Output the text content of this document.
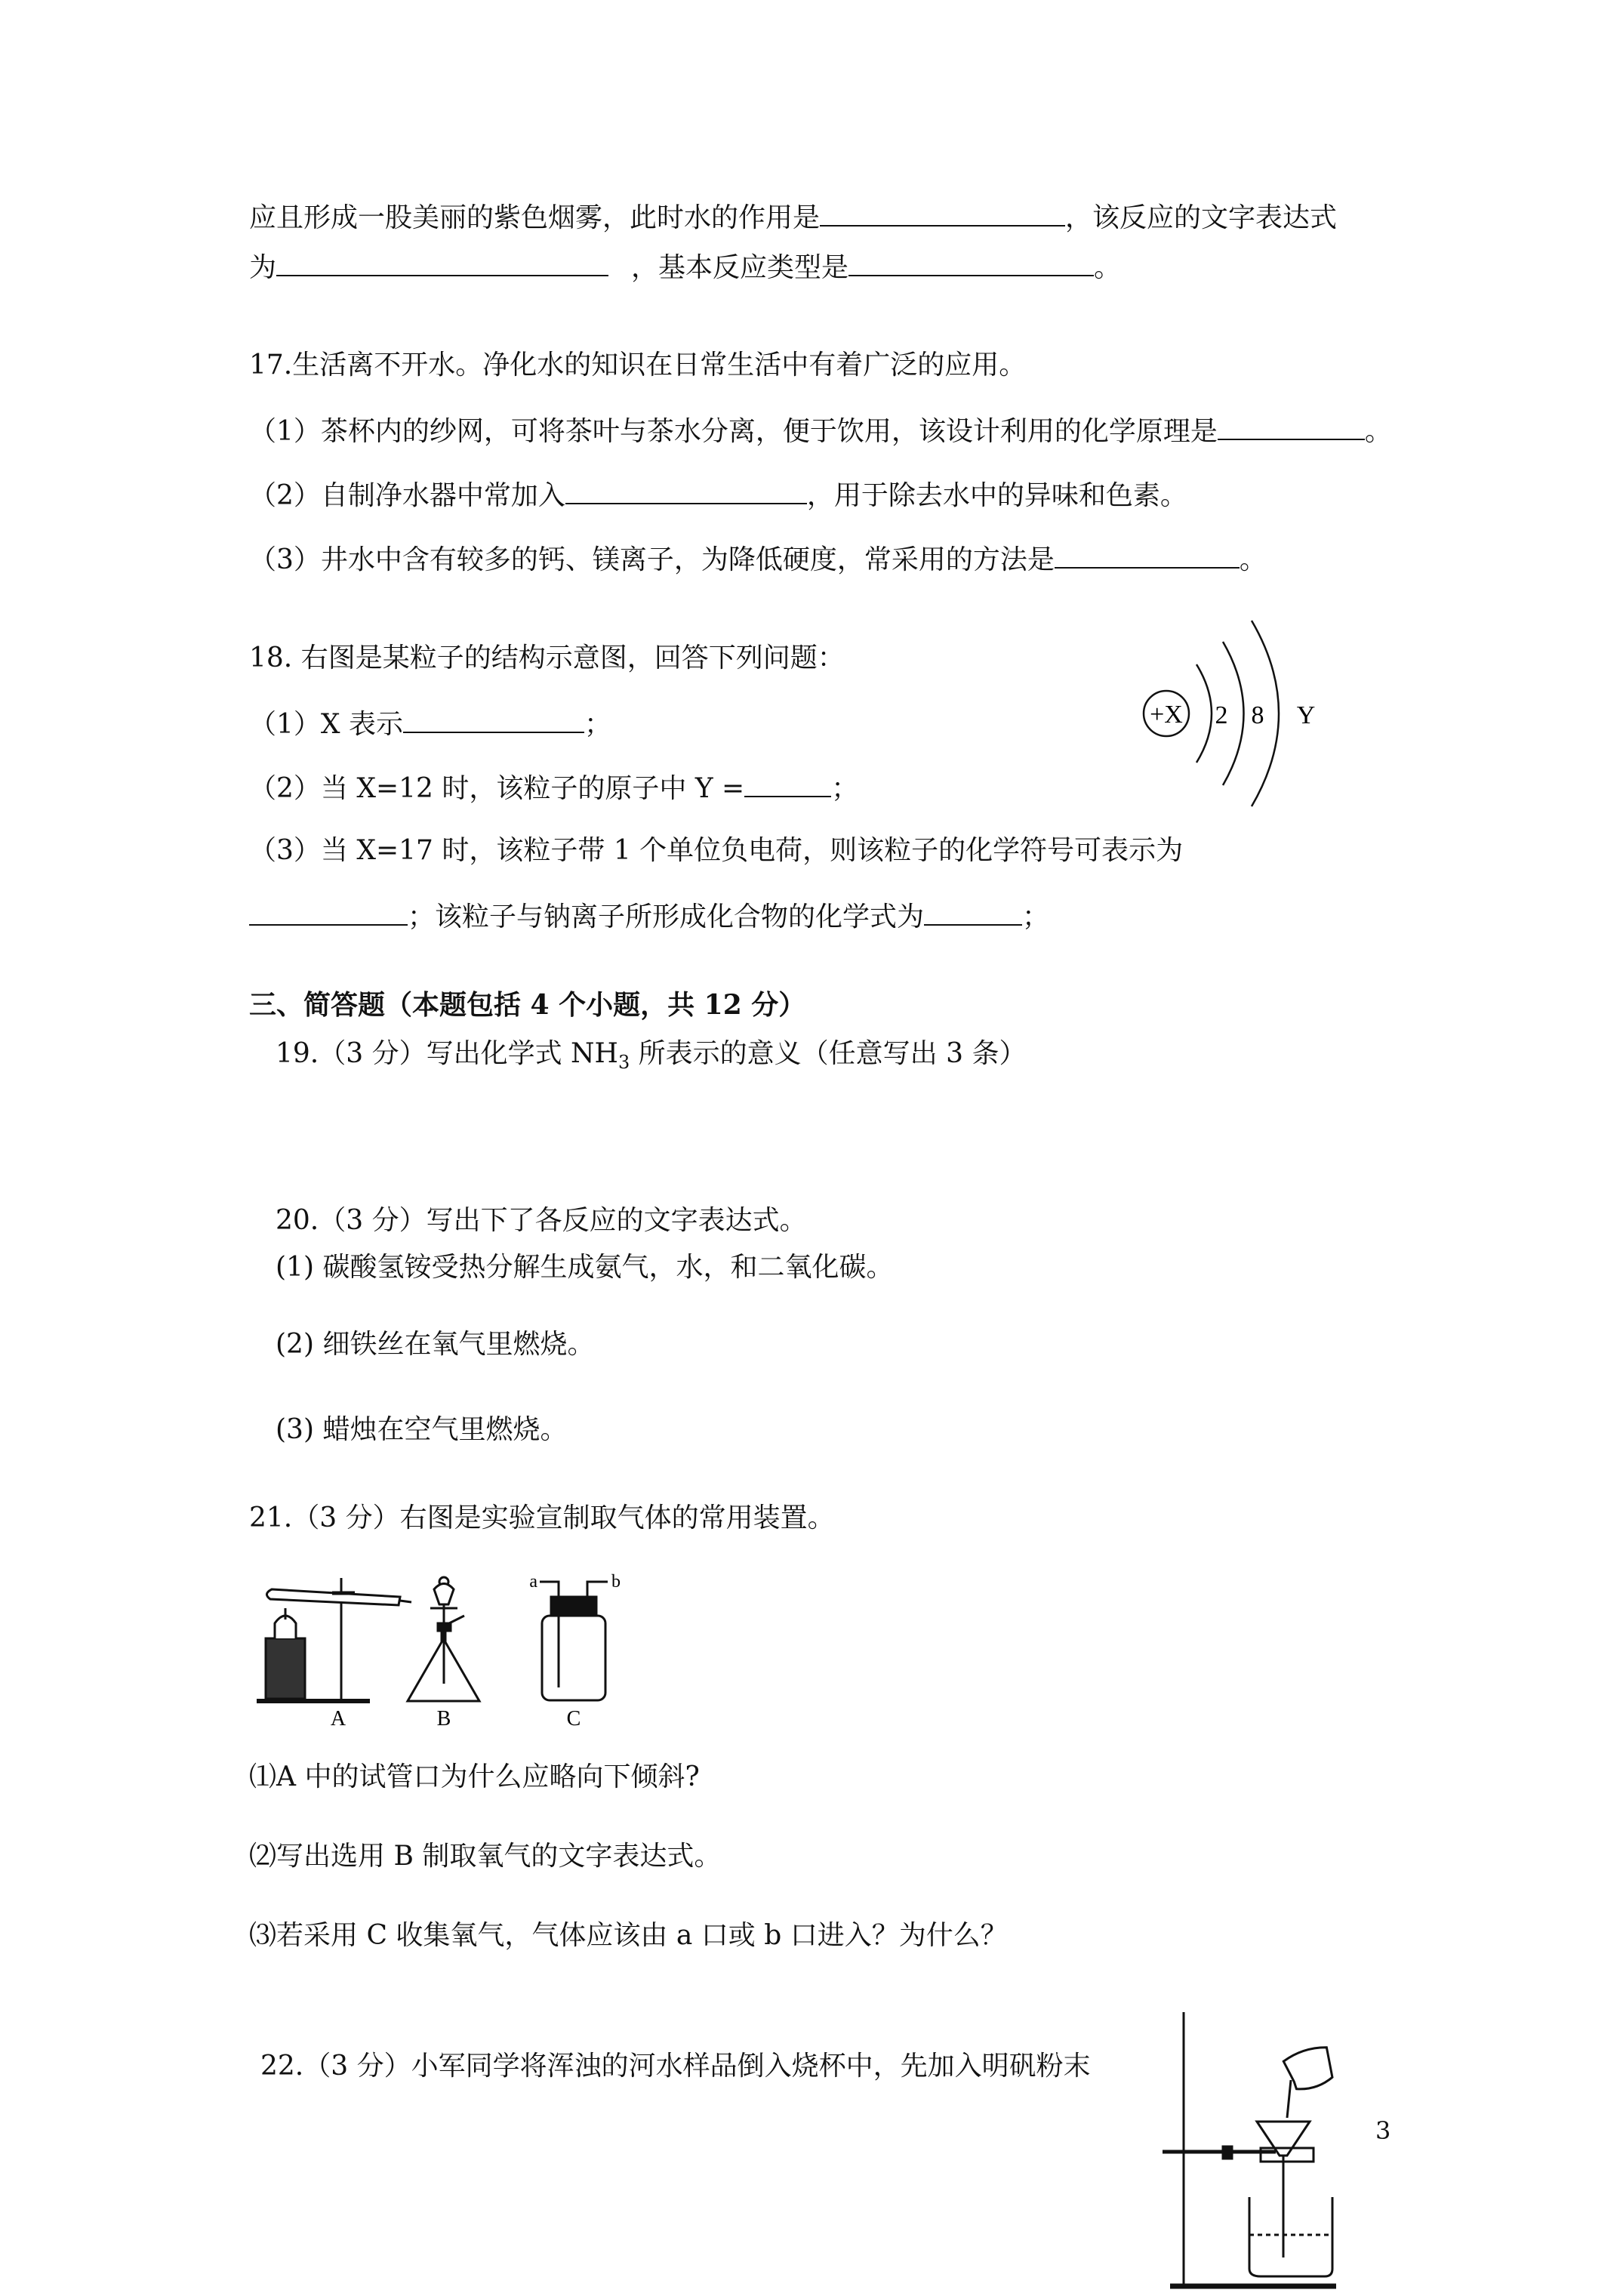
应且形成一股美丽的紫色烟雾，此时水的作用是	，该反应的文字表达式
为	，基本反应类型是	。
17.生活离不开水。净化水的知识在日常生活中有着广泛的应用。
（1）茶杯内的纱网，可将茶叶与茶水分离，便于饮用，该设计利用的化学原理是	。
（2）自制净水器中常加入	，用于除去水中的异味和色素。
（3）井水中含有较多的钙、镁离子，为降低硬度，常采用的方法是	。
18. 右图是某粒子的结构示意图，回答下列问题：
（1）X 表示	；
（2）当 X=12 时，该粒子的原子中 Y =	；
（3）当 X=17 时，该粒子带 1 个单位负电荷，则该粒子的化学符号可表示为
；该粒子与钠离子所形成化合物的化学式为	；
+X 2 8 Y
三、简答题（本题包括 4 个小题，共 12 分）
19.（3 分）写出化学式 $NH_3$ 所表示的意义（任意写出 3 条）
20.（3 分）写出下了各反应的文字表达式。
(1) 碳酸氢铵受热分解生成氨气，水，和二氧化碳。
(2) 细铁丝在氧气里燃烧。
(3) 蜡烛在空气里燃烧。
21.（3 分）右图是实验宣制取气体的常用装置。
A	B
a	b
C
⑴A 中的试管口为什么应略向下倾斜?
⑵写出选用 B 制取氧气的文字表达式。
⑶若采用 C 收集氧气，气体应该由 a 口或 b 口进入？为什么？
22.（3 分）小军同学将浑浊的河水样品倒入烧杯中，先加入明矾粉末
3
